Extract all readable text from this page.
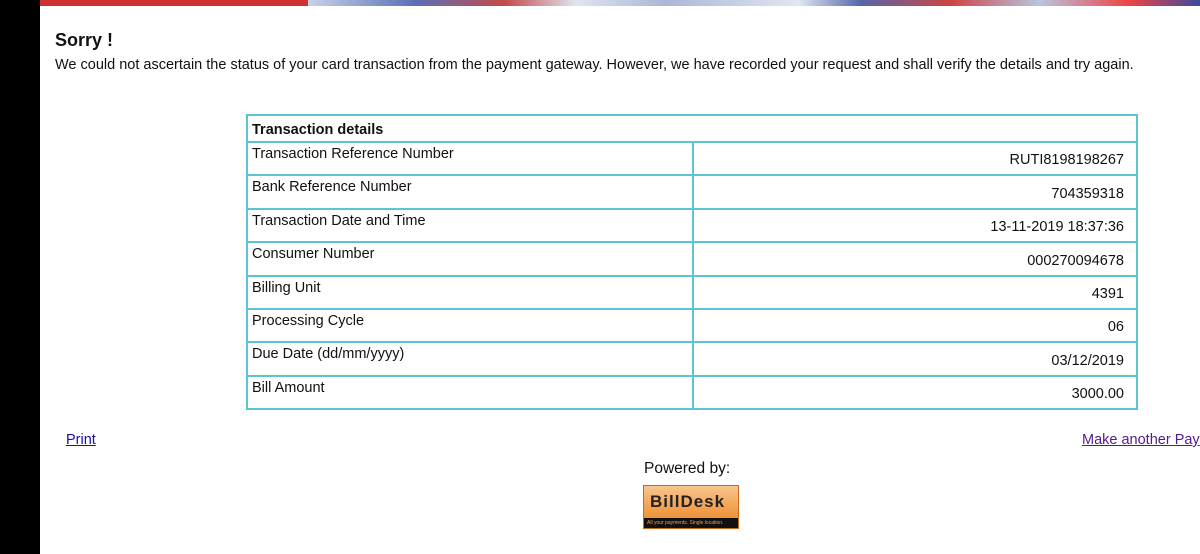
Sorry !
We could not ascertain the status of your card transaction from the payment gateway. However, we have recorded your request and shall verify the details and try again.
Transaction details	
Transaction Reference Number	RUTI8198198267
Bank Reference Number	704359318
Transaction Date and Time	13-11-2019 18:37:36
Consumer Number	000270094678
Billing Unit	4391
Processing Cycle	06
Due Date (dd/mm/yyyy)	03/12/2019
Bill Amount	3000.00
Print	Make another Pay
Powered by:
BillDesk
All your payments. Single location.
